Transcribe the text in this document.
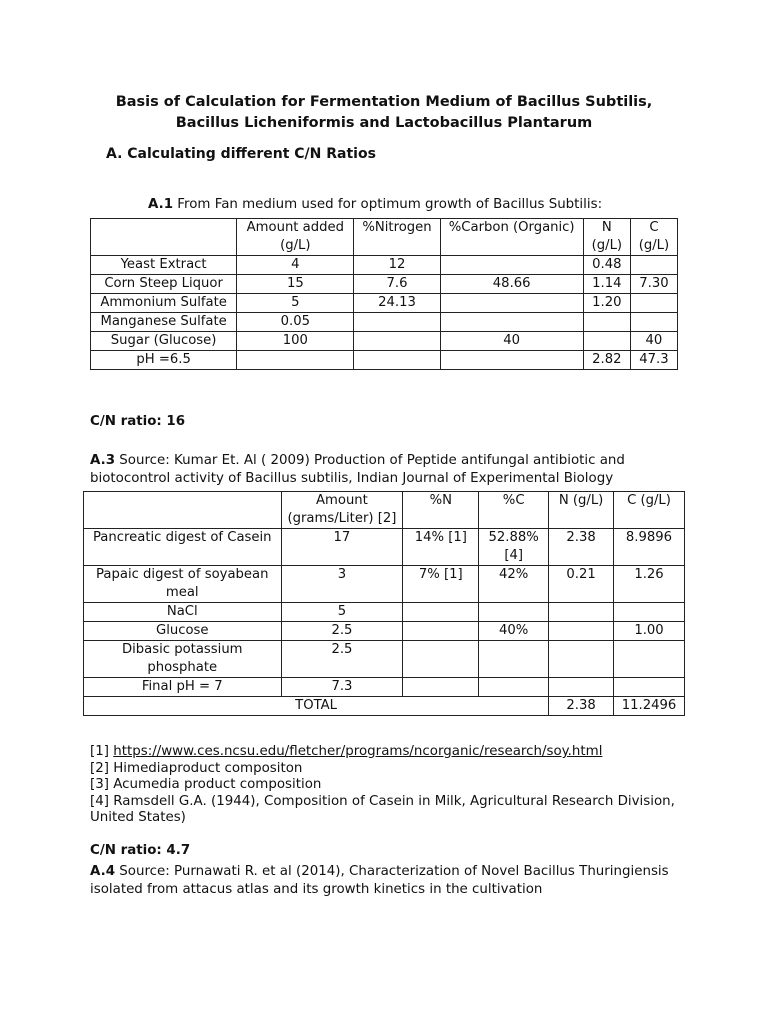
Basis of Calculation for Fermentation Medium of Bacillus Subtilis,
Bacillus Licheniformis and Lactobacillus Plantarum
A. Calculating different C/N Ratios
A.1 From Fan medium used for optimum growth of Bacillus Subtilis:
	Amount added (g/L)	%Nitrogen	%Carbon (Organic)	N (g/L)	C (g/L)
Yeast Extract	4	12		0.48	
Corn Steep Liquor	15	7.6	48.66	1.14	7.30
Ammonium Sulfate	5	24.13		1.20	
Manganese Sulfate	0.05				
Sugar (Glucose)	100		40		40
pH =6.5				2.82	47.3
C/N ratio: 16
A.3 Source: Kumar Et. Al ( 2009) Production of Peptide antifungal antibiotic and biotocontrol activity of Bacillus subtilis, Indian Journal of Experimental Biology
	Amount (grams/Liter) [2]	%N	%C	N (g/L)	C (g/L)
Pancreatic digest of Casein	17	14% [1]	52.88% [4]	2.38	8.9896
Papaic digest of soyabean meal	3	7% [1]	42%	0.21	1.26
NaCl	5				
Glucose	2.5		40%		1.00
Dibasic potassium phosphate	2.5				
Final pH = 7	7.3				
TOTAL				2.38	11.2496
[1] https://www.ces.ncsu.edu/fletcher/programs/ncorganic/research/soy.html
[2] Himediaproduct compositon
[3] Acumedia product composition
[4] Ramsdell G.A. (1944), Composition of Casein in Milk, Agricultural Research Division, United States)
C/N ratio: 4.7
A.4 Source: Purnawati R. et al (2014), Characterization of Novel Bacillus Thuringiensis isolated from attacus atlas and its growth kinetics in the cultivation
